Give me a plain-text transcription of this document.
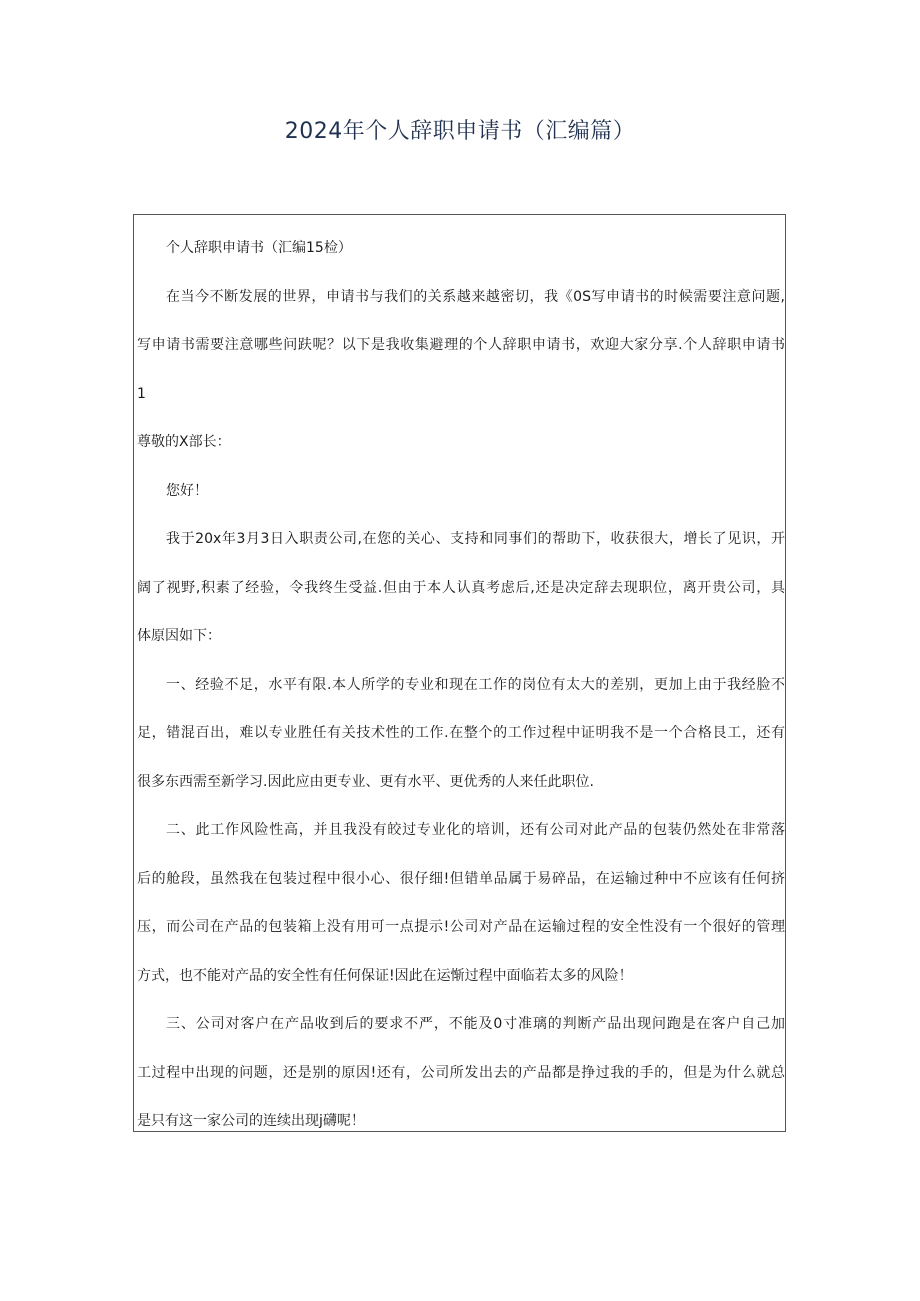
2024年个人辞职申请书（汇编篇）
个人辞职申请书（汇编15检）
在当今不断发展的世界，申请书与我们的关系越来越密切，我《0S写申请书的时候需要注意问题,
写申请书需要注意哪些问趺呢？以下是我收集避理的个人辞职申请书，欢迎大家分享.个人辞职申请书
1
尊敬的X部长：
您好！
我于20x年3月3日入职责公司,在您的关心、支持和同事们的帮助下，收获很大，增长了见识，开
阔了视野,积素了经验，令我终生受益.但由于本人认真考虑后,还是决定辞去现职位，离开贵公司，具
体原因如下：
一、经验不足，水平有限.本人所学的专业和现在工作的岗位有太大的差别，更加上由于我经脸不
足，错混百出，难以专业胜任有关技术性的工作.在整个的工作过程中证明我不是一个合格艮工，还有
很多东西需至新学习.因此应由更专业、更有水平、更优秀的人来任此职位.
二、此工作风险性高，并且我没有皎过专业化的培训，还有公司对此产品的包装仍然处在非常落
后的舱段，虽然我在包装过程中很小心、很仔细!但错单品属于易碎品，在运输过种中不应该有任何挤
压，而公司在产品的包装箱上没有用可一点提示!公司对产品在运输过程的安全性没有一个很好的管理
方式，也不能对产品的安全性有任何保证!因此在运惭过程中面临若太多的风险！
三、公司对客户在产品收到后的要求不严，不能及0寸准璃的判断产品出现问跑是在客户自己加
工过程中出现的问题，还是别的原因!还有，公司所发出去的产品都是挣过我的手的，但是为什么就总
是只有这一家公司的连续出现j礴呢！
